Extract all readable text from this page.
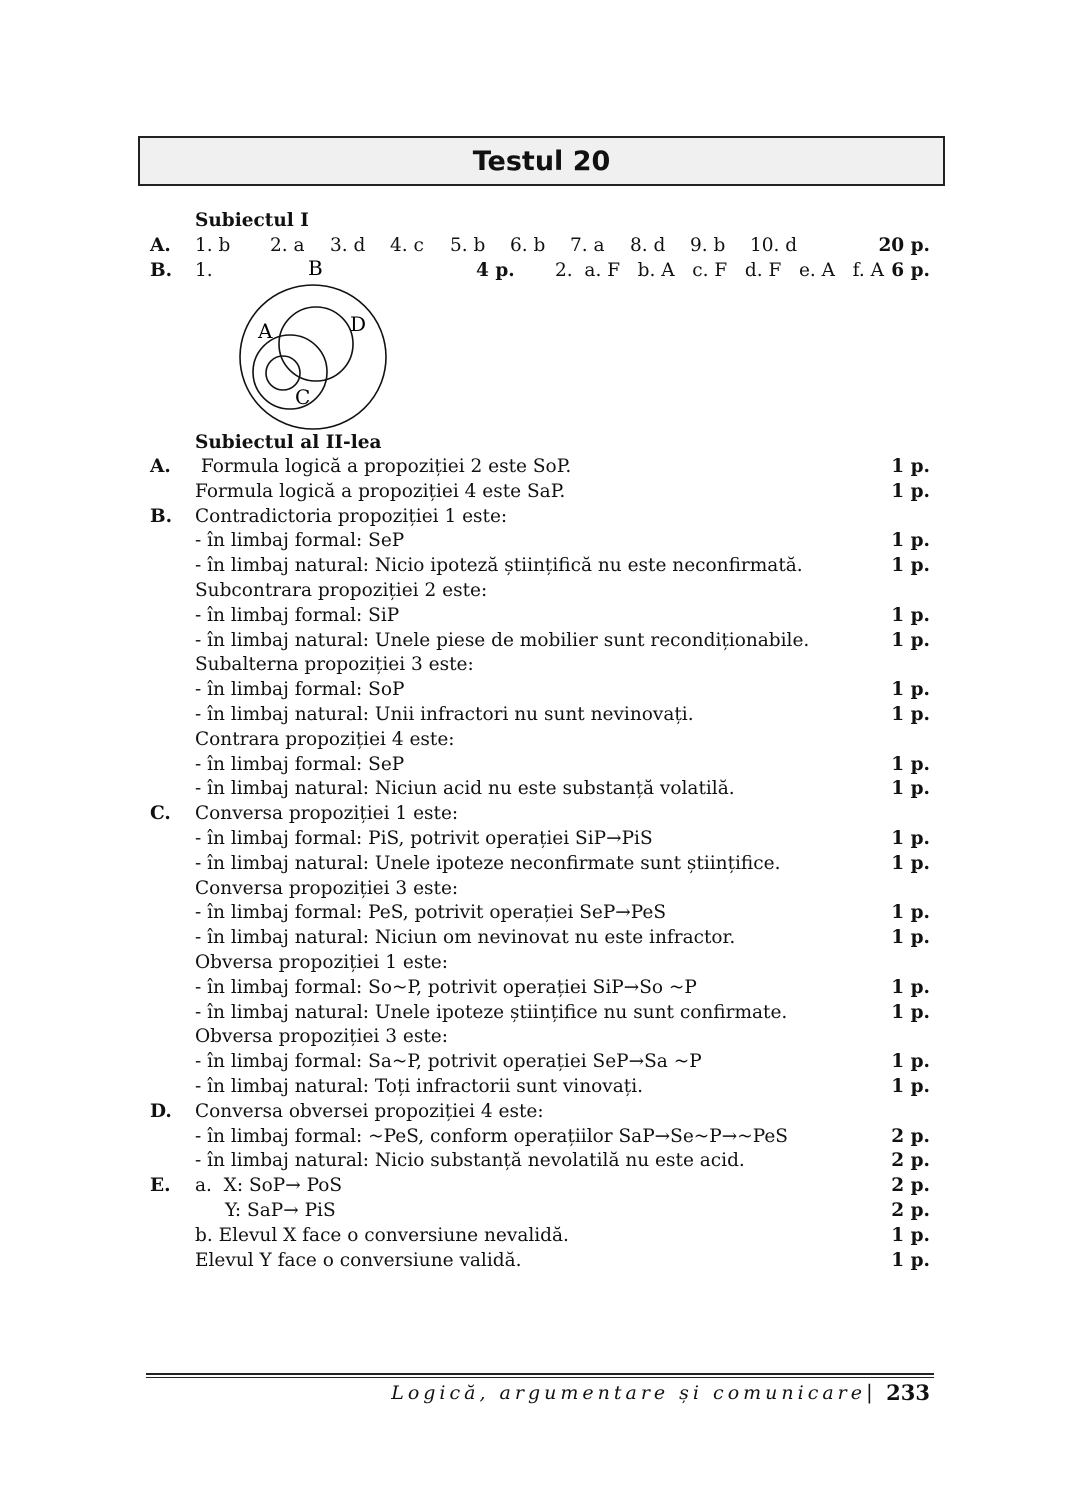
Testul 20
Subiectul I
A. 1. b 2. a 3. d 4. c 5. b 6. b 7. a 8. d 9. b 10. d	20 p.
B. 1.	4 p. 2.  a. F   b. A   c. F   d. F   e. A   f. A 6 p.
B
A	D
C
Subiectul al II-lea
A. Formula logică a propoziției 2 este SoP.	1 p.
Formula logică a propoziției 4 este SaP.	1 p.
B. Contradictoria propoziției 1 este:
- în limbaj formal: SeP	1 p.
- în limbaj natural: Nicio ipoteză științifică nu este neconfirmată.	1 p.
Subcontrara propoziției 2 este:
- în limbaj formal: SiP	1 p.
- în limbaj natural: Unele piese de mobilier sunt recondiționabile.	1 p.
Subalterna propoziției 3 este:
- în limbaj formal: SoP	1 p.
- în limbaj natural: Unii infractori nu sunt nevinovați.	1 p.
Contrara propoziției 4 este:
- în limbaj formal: SeP	1 p.
- în limbaj natural: Niciun acid nu este substanță volatilă.	1 p.
C. Conversa propoziției 1 este:
- în limbaj formal: PiS, potrivit operației SiP→PiS	1 p.
- în limbaj natural: Unele ipoteze neconfirmate sunt științifice.	1 p.
Conversa propoziției 3 este:
- în limbaj formal: PeS, potrivit operației SeP→PeS	1 p.
- în limbaj natural: Niciun om nevinovat nu este infractor.	1 p.
Obversa propoziției 1 este:
- în limbaj formal: So~P, potrivit operației SiP→So ~P	1 p.
- în limbaj natural: Unele ipoteze științifice nu sunt confirmate.	1 p.
Obversa propoziției 3 este:
- în limbaj formal: Sa~P, potrivit operației SeP→Sa ~P	1 p.
- în limbaj natural: Toți infractorii sunt vinovați.	1 p.
D. Conversa obversei propoziției 4 este:
- în limbaj formal: ~PeS, conform operațiilor SaP→Se~P→~PeS	2 p.
- în limbaj natural: Nicio substanță nevolatilă nu este acid.	2 p.
E. a.  X: SoP→ PoS	2 p.
Y: SaP→ PiS	2 p.
b. Elevul X face o conversiune nevalidă.	1 p.
Elevul Y face o conversiune validă.	1 p.
Logică, argumentare și comunicare | 233
